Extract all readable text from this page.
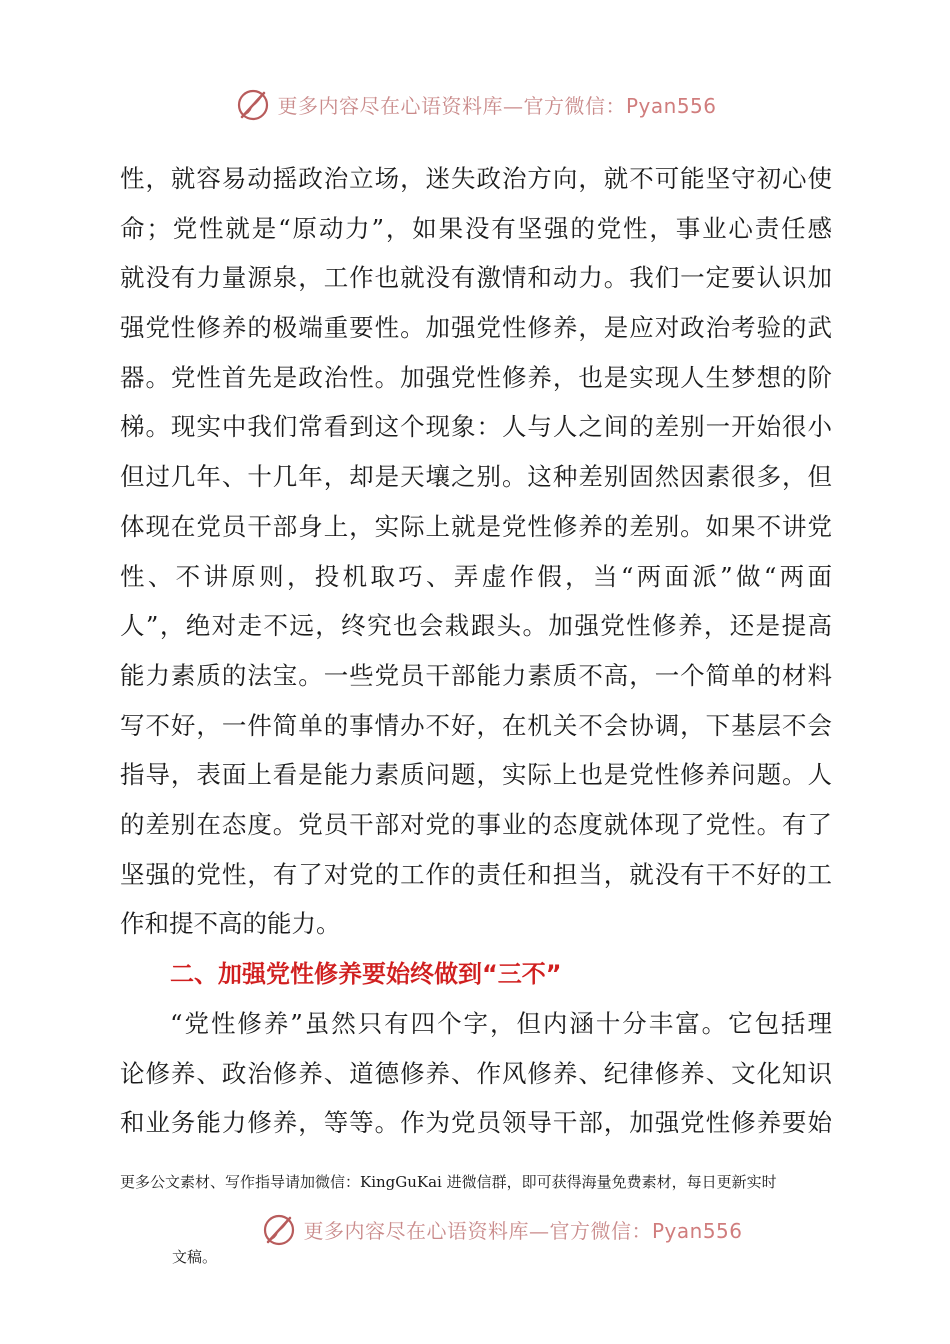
更多内容尽在心语资料库—官方微信：Pyan556
性，就容易动摇政治立场，迷失政治方向，就不可能坚守初心使
命；党性就是“原动力”，如果没有坚强的党性，事业心责任感
就没有力量源泉，工作也就没有激情和动力。我们一定要认识加
强党性修养的极端重要性。加强党性修养，是应对政治考验的武
器。党性首先是政治性。加强党性修养，也是实现人生梦想的阶
梯。现实中我们常看到这个现象：人与人之间的差别一开始很小
但过几年、十几年，却是天壤之别。这种差别固然因素很多，但
体现在党员干部身上，实际上就是党性修养的差别。如果不讲党
性、不讲原则，投机取巧、弄虚作假，当“两面派”做“两面
人”，绝对走不远，终究也会栽跟头。加强党性修养，还是提高
能力素质的法宝。一些党员干部能力素质不高，一个简单的材料
写不好，一件简单的事情办不好，在机关不会协调，下基层不会
指导，表面上看是能力素质问题，实际上也是党性修养问题。人
的差别在态度。党员干部对党的事业的态度就体现了党性。有了
坚强的党性，有了对党的工作的责任和担当，就没有干不好的工
作和提不高的能力。
二、加强党性修养要始终做到“三不”
“党性修养”虽然只有四个字，但内涵十分丰富。它包括理
论修养、政治修养、道德修养、作风修养、纪律修养、文化知识
和业务能力修养，等等。作为党员领导干部，加强党性修养要始
更多公文素材、写作指导请加微信：KingGuKai 进微信群，即可获得海量免费素材，每日更新实时
更多内容尽在心语资料库—官方微信：Pyan556
文稿。
